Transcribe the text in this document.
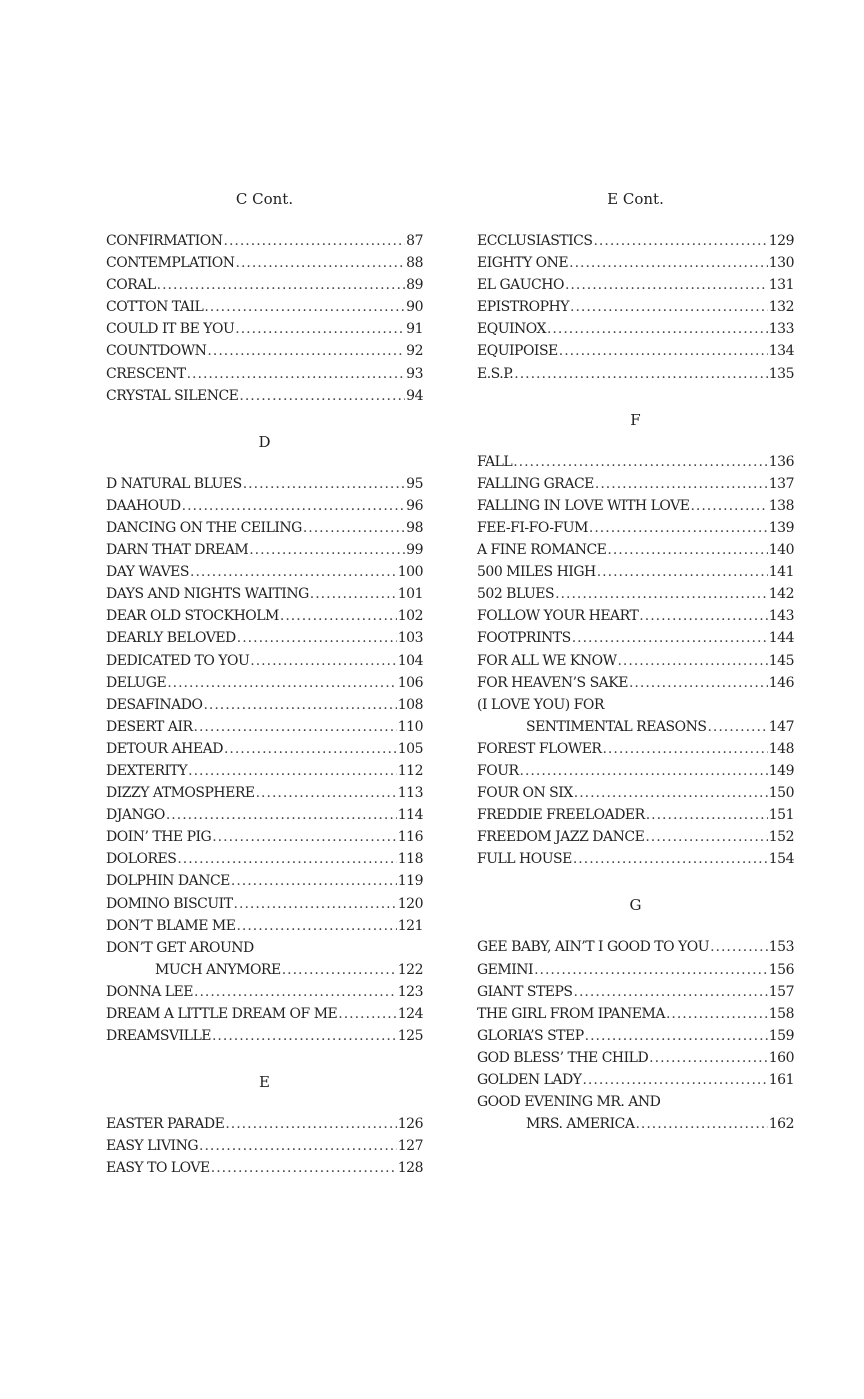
C Cont.
CONFIRMATION .....	87
CONTEMPLATION .....	88
CORAL .....	89
COTTON TAIL .....	90
COULD IT BE YOU .....	91
COUNTDOWN .....	92
CRESCENT .....	93
CRYSTAL SILENCE .....	94
D
D NATURAL BLUES .....	95
DAAHOUD .....	96
DANCING ON THE CEILING .....	98
DARN THAT DREAM .....	99
DAY WAVES .....	100
DAYS AND NIGHTS WAITING .....	101
DEAR OLD STOCKHOLM .....	102
DEARLY BELOVED .....	103
DEDICATED TO YOU .....	104
DELUGE .....	106
DESAFINADO .....	108
DESERT AIR .....	110
DETOUR AHEAD .....	105
DEXTERITY .....	112
DIZZY ATMOSPHERE .....	113
DJANGO .....	114
DOIN’ THE PIG .....	116
DOLORES .....	118
DOLPHIN DANCE .....	119
DOMINO BISCUIT .....	120
DON’T BLAME ME .....	121
DON’T GET AROUND
MUCH ANYMORE .....	122
DONNA LEE .....	123
DREAM A LITTLE DREAM OF ME .....	124
DREAMSVILLE .....	125
E
EASTER PARADE .....	126
EASY LIVING .....	127
EASY TO LOVE .....	128
E Cont.
ECCLUSIASTICS .....	129
EIGHTY ONE .....	130
EL GAUCHO .....	131
EPISTROPHY .....	132
EQUINOX .....	133
EQUIPOISE .....	134
E.S.P. .....	135
F
FALL .....	136
FALLING GRACE .....	137
FALLING IN LOVE WITH LOVE .....	138
FEE-FI-FO-FUM .....	139
A FINE ROMANCE .....	140
500 MILES HIGH .....	141
502 BLUES .....	142
FOLLOW YOUR HEART .....	143
FOOTPRINTS .....	144
FOR ALL WE KNOW .....	145
FOR HEAVEN’S SAKE .....	146
(I LOVE YOU) FOR
SENTIMENTAL REASONS .....	147
FOREST FLOWER .....	148
FOUR .....	149
FOUR ON SIX .....	150
FREDDIE FREELOADER .....	151
FREEDOM JAZZ DANCE .....	152
FULL HOUSE .....	154
G
GEE BABY, AIN’T I GOOD TO YOU .....	153
GEMINI .....	156
GIANT STEPS .....	157
THE GIRL FROM IPANEMA .....	158
GLORIA’S STEP .....	159
GOD BLESS’ THE CHILD .....	160
GOLDEN LADY .....	161
GOOD EVENING MR. AND
MRS. AMERICA .....	162
